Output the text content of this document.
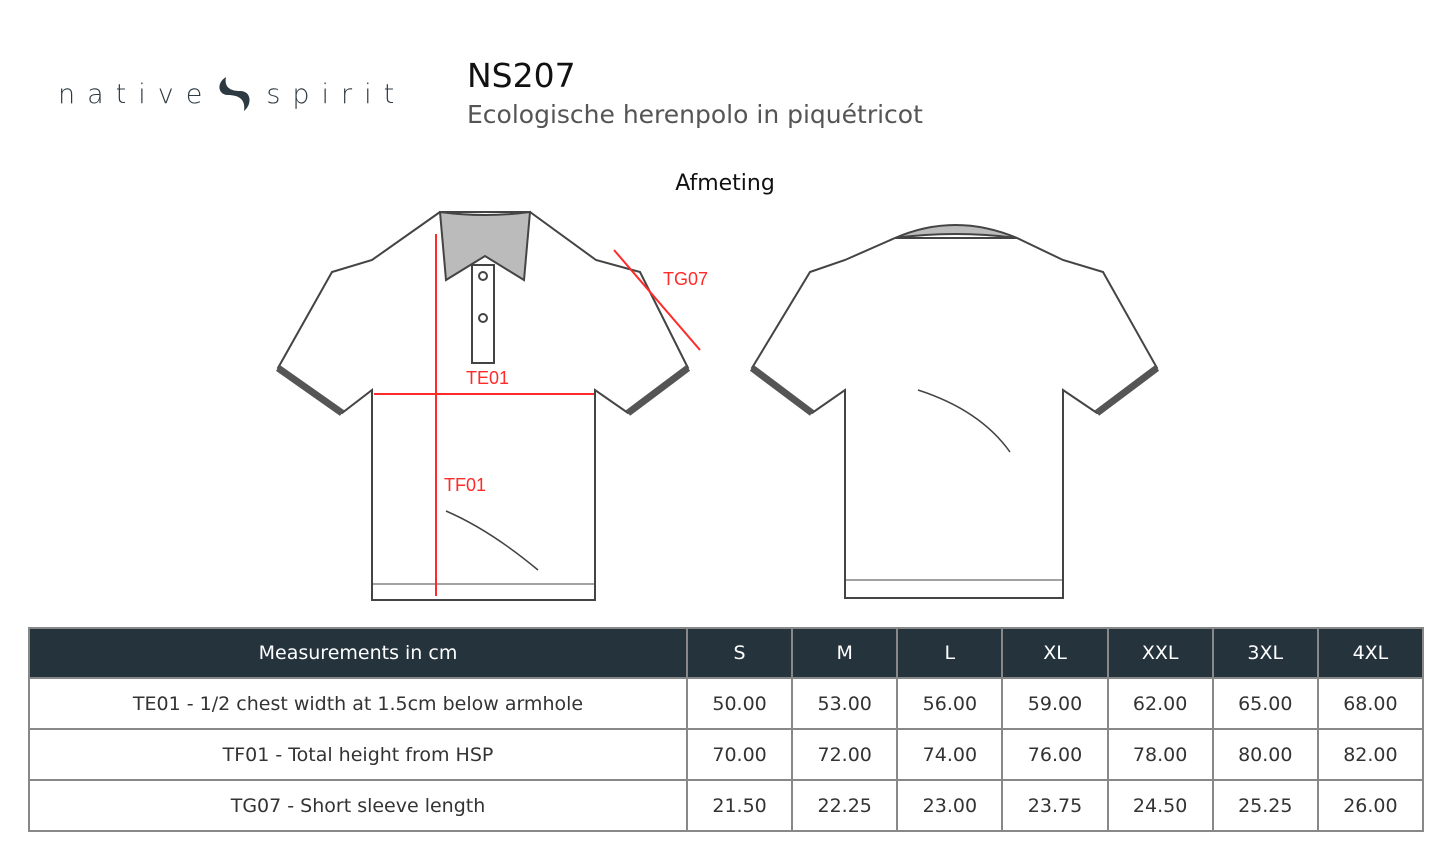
native spirit NS207
Ecologische herenpolo in piquétricot
Afmeting
TE01
TF01
TG07
Measurements in cm	S	M	L	XL	XXL	3XL	4XL
TE01 - 1/2 chest width at 1.5cm below armhole	50.00	53.00	56.00	59.00	62.00	65.00	68.00
TF01 - Total height from HSP	70.00	72.00	74.00	76.00	78.00	80.00	82.00
TG07 - Short sleeve length	21.50	22.25	23.00	23.75	24.50	25.25	26.00
